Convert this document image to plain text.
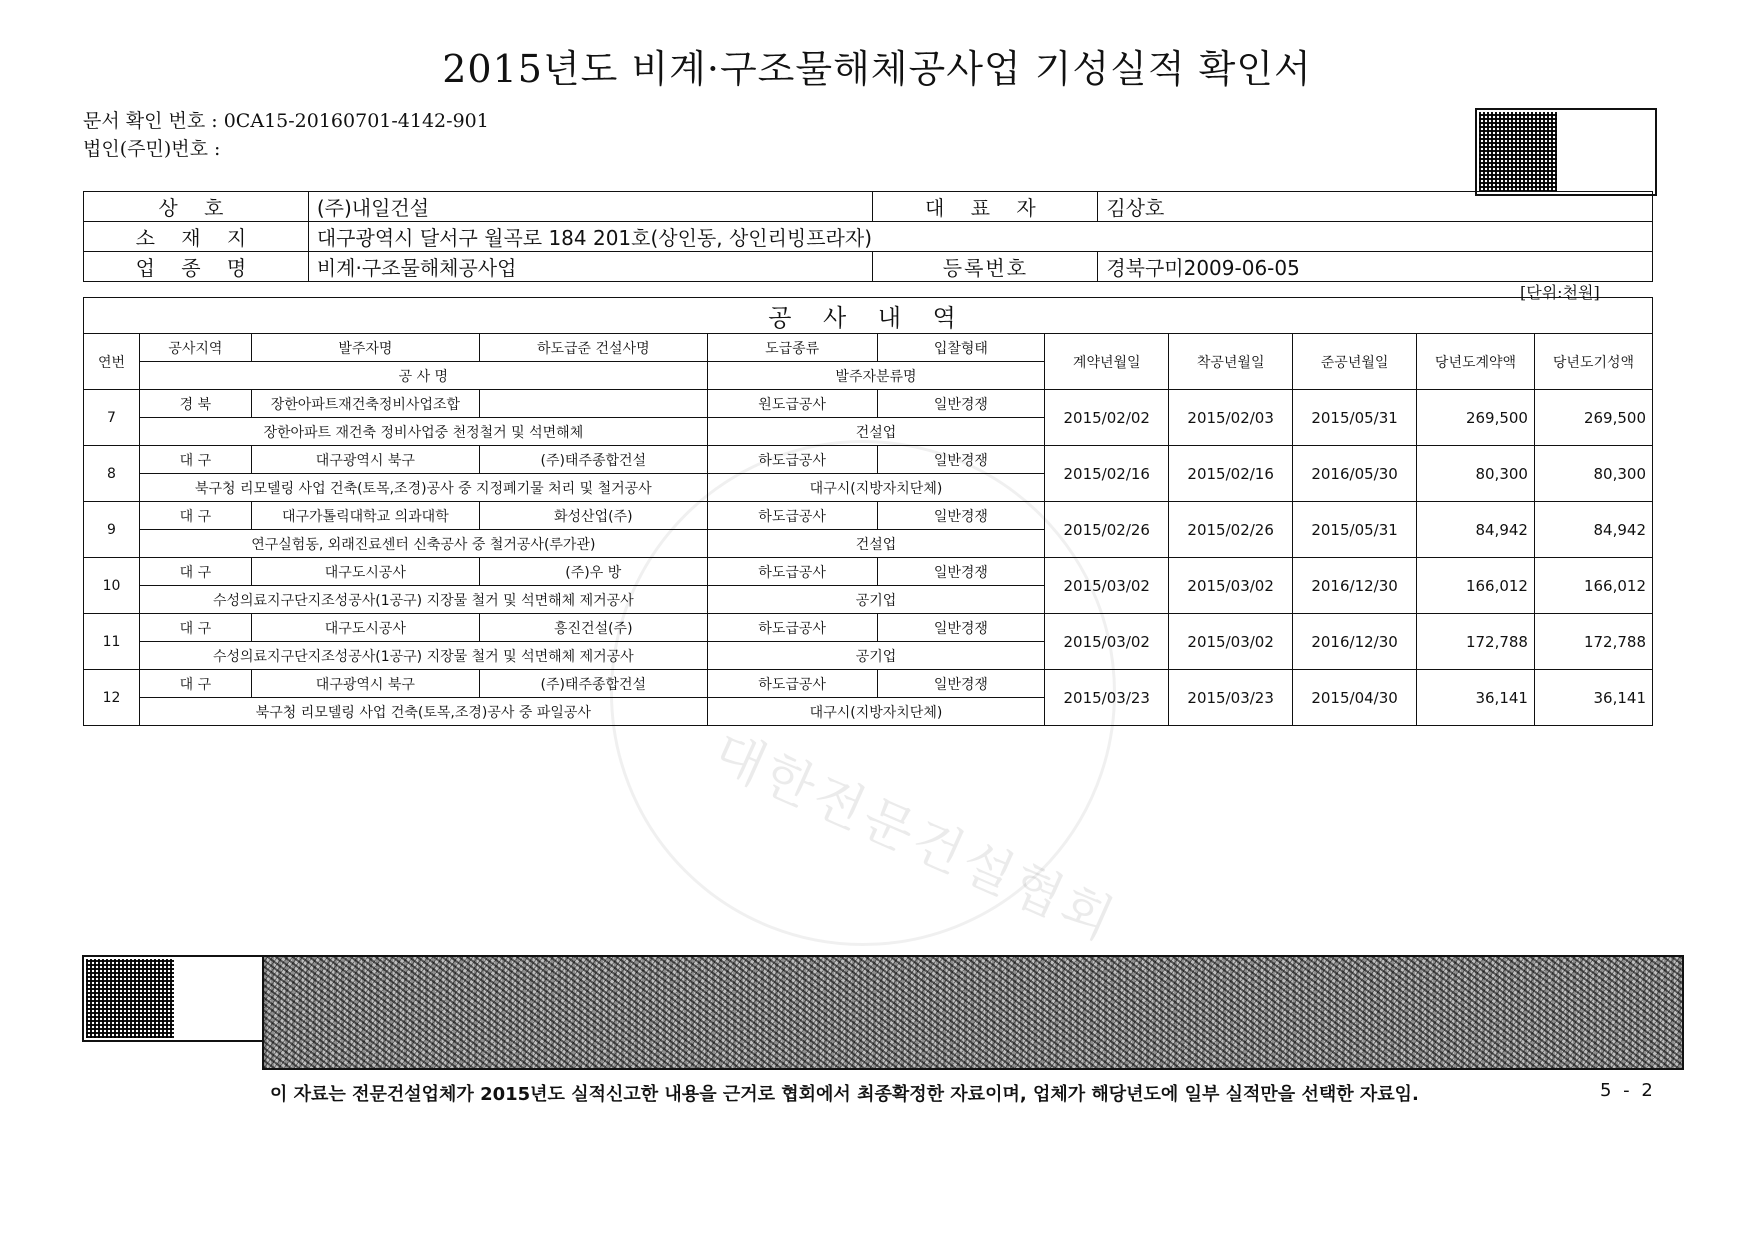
2015년도 비계·구조물해체공사업 기성실적 확인서
문서 확인 번호 : 0CA15-20160701-4142-901
법인(주민)번호 :
상 호	(주)내일건설	대 표 자	김상호
소 재 지	대구광역시 달서구 월곡로 184 201호(상인동, 상인리빙프라자)		
업 종 명	비계·구조물해체공사업	등록번호	경북구미2009-06-05
[단위:천원]
대한전문건설협회
공 사 내 역										
연번	공사지역	발주자명	하도급준 건설사명	도급종류	입찰형태	계약년월일	착공년월일	준공년월일	당년도계약액	당년도기성액
	공 사 명			발주자분류명						
7	경 북	장한아파트재건축정비사업조합		원도급공사	일반경쟁	2015/02/02	2015/02/03	2015/05/31	269,500	269,500
	장한아파트 재건축 정비사업중 천정철거 및 석면해체			건설업						
8	대 구	대구광역시 북구	(주)태주종합건설	하도급공사	일반경쟁	2015/02/16	2015/02/16	2016/05/30	80,300	80,300
	북구청 리모델링 사업 건축(토목,조경)공사 중 지정폐기물 처리 및 철거공사			대구시(지방자치단체)						
9	대 구	대구가톨릭대학교 의과대학	화성산업(주)	하도급공사	일반경쟁	2015/02/26	2015/02/26	2015/05/31	84,942	84,942
	연구실험동, 외래진료센터 신축공사 중 철거공사(루가관)			건설업						
10	대 구	대구도시공사	(주)우 방	하도급공사	일반경쟁	2015/03/02	2015/03/02	2016/12/30	166,012	166,012
	수성의료지구단지조성공사(1공구) 지장물 철거 및 석면해체 제거공사			공기업						
11	대 구	대구도시공사	흥진건설(주)	하도급공사	일반경쟁	2015/03/02	2015/03/02	2016/12/30	172,788	172,788
	수성의료지구단지조성공사(1공구) 지장물 철거 및 석면해체 제거공사			공기업						
12	대 구	대구광역시 북구	(주)태주종합건설	하도급공사	일반경쟁	2015/03/23	2015/03/23	2015/04/30	36,141	36,141
	북구청 리모델링 사업 건축(토목,조경)공사 중 파일공사			대구시(지방자치단체)						
이 자료는 전문건설업체가 2015년도 실적신고한 내용을 근거로 협회에서 최종확정한 자료이며, 업체가 해당년도에 일부 실적만을 선택한 자료임.	5 - 2
